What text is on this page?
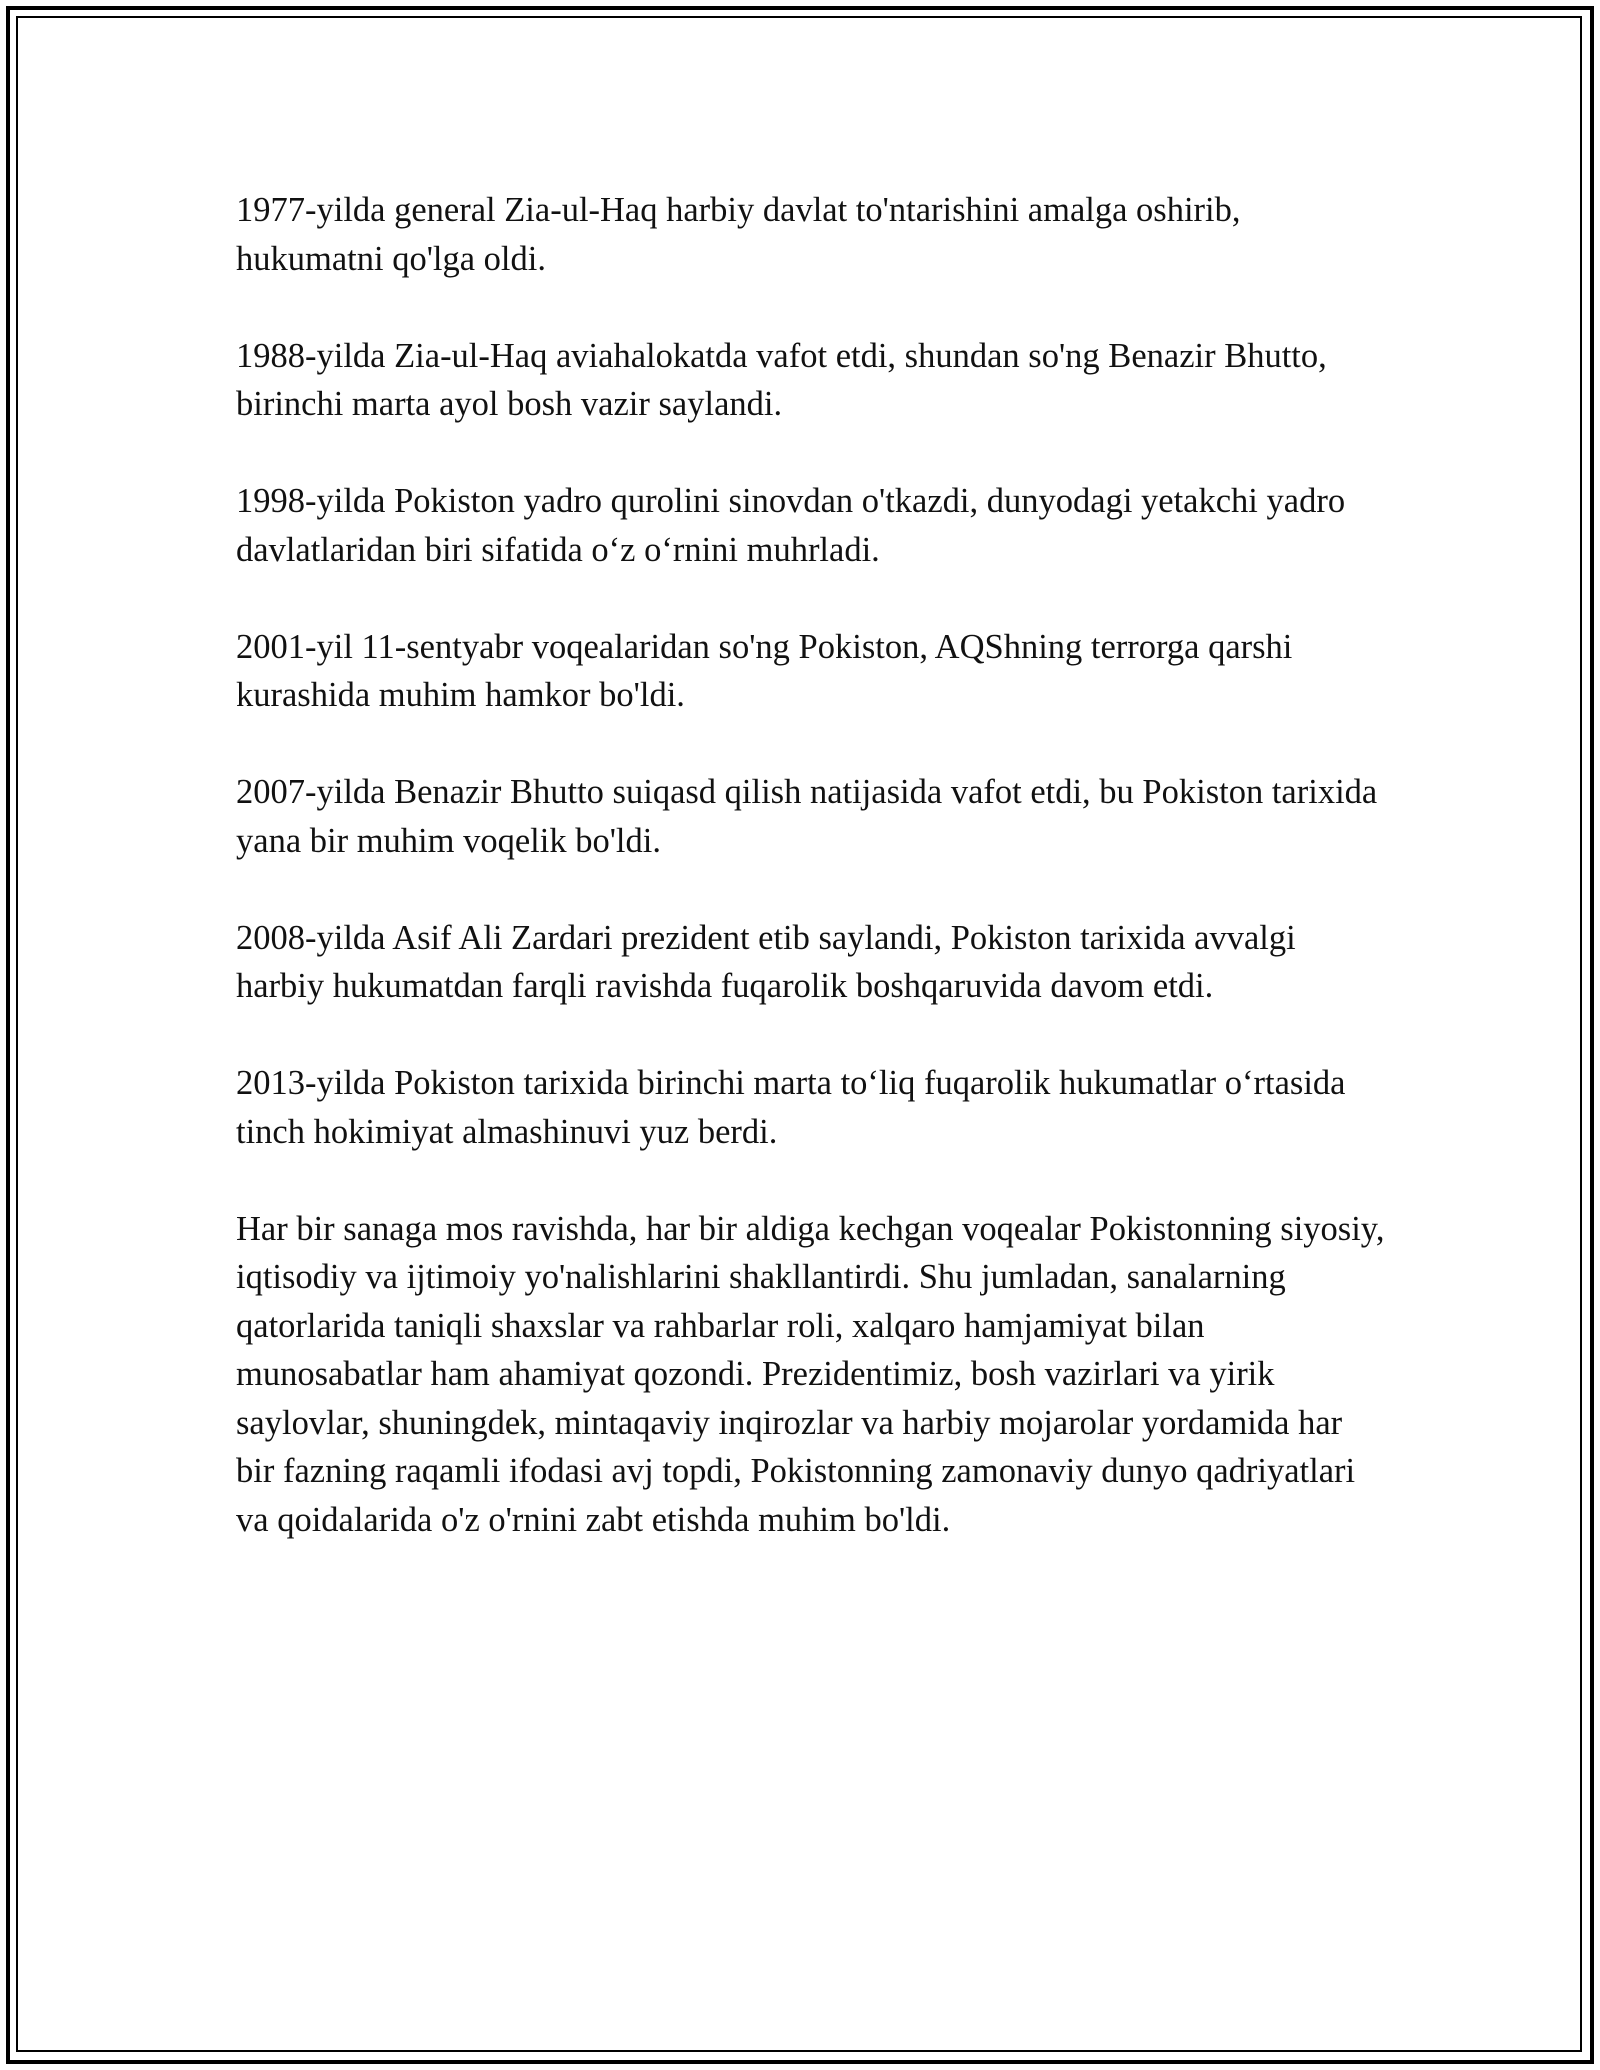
1977-yilda general Zia-ul-Haq harbiy davlat to'ntarishini amalga oshirib, hukumatni qo'lga oldi.

1988-yilda Zia-ul-Haq aviahalokatda vafot etdi, shundan so'ng Benazir Bhutto, birinchi marta ayol bosh vazir saylandi.

1998-yilda Pokiston yadro qurolini sinovdan o'tkazdi, dunyodagi yetakchi yadro davlatlaridan biri sifatida o‘z o‘rnini muhrladi.

2001-yil 11-sentyabr voqealaridan so'ng Pokiston, AQShning terrorga qarshi kurashida muhim hamkor bo'ldi.

2007-yilda Benazir Bhutto suiqasd qilish natijasida vafot etdi, bu Pokiston tarixida yana bir muhim voqelik bo'ldi.

2008-yilda Asif Ali Zardari prezident etib saylandi, Pokiston tarixida avvalgi harbiy hukumatdan farqli ravishda fuqarolik boshqaruvida davom etdi.

2013-yilda Pokiston tarixida birinchi marta to‘liq fuqarolik hukumatlar o‘rtasida tinch hokimiyat almashinuvi yuz berdi.

Har bir sanaga mos ravishda, har bir aldiga kechgan voqealar Pokistonning siyosiy, iqtisodiy va ijtimoiy yo'nalishlarini shakllantirdi. Shu jumladan, sanalarning qatorlarida taniqli shaxslar va rahbarlar roli, xalqaro hamjamiyat bilan munosabatlar ham ahamiyat qozondi. Prezidentimiz, bosh vazirlari va yirik saylovlar, shuningdek, mintaqaviy inqirozlar va harbiy mojarolar yordamida har bir fazning raqamli ifodasi avj topdi, Pokistonning zamonaviy dunyo qadriyatlari va qoidalarida o'z o'rnini zabt etishda muhim bo'ldi.
